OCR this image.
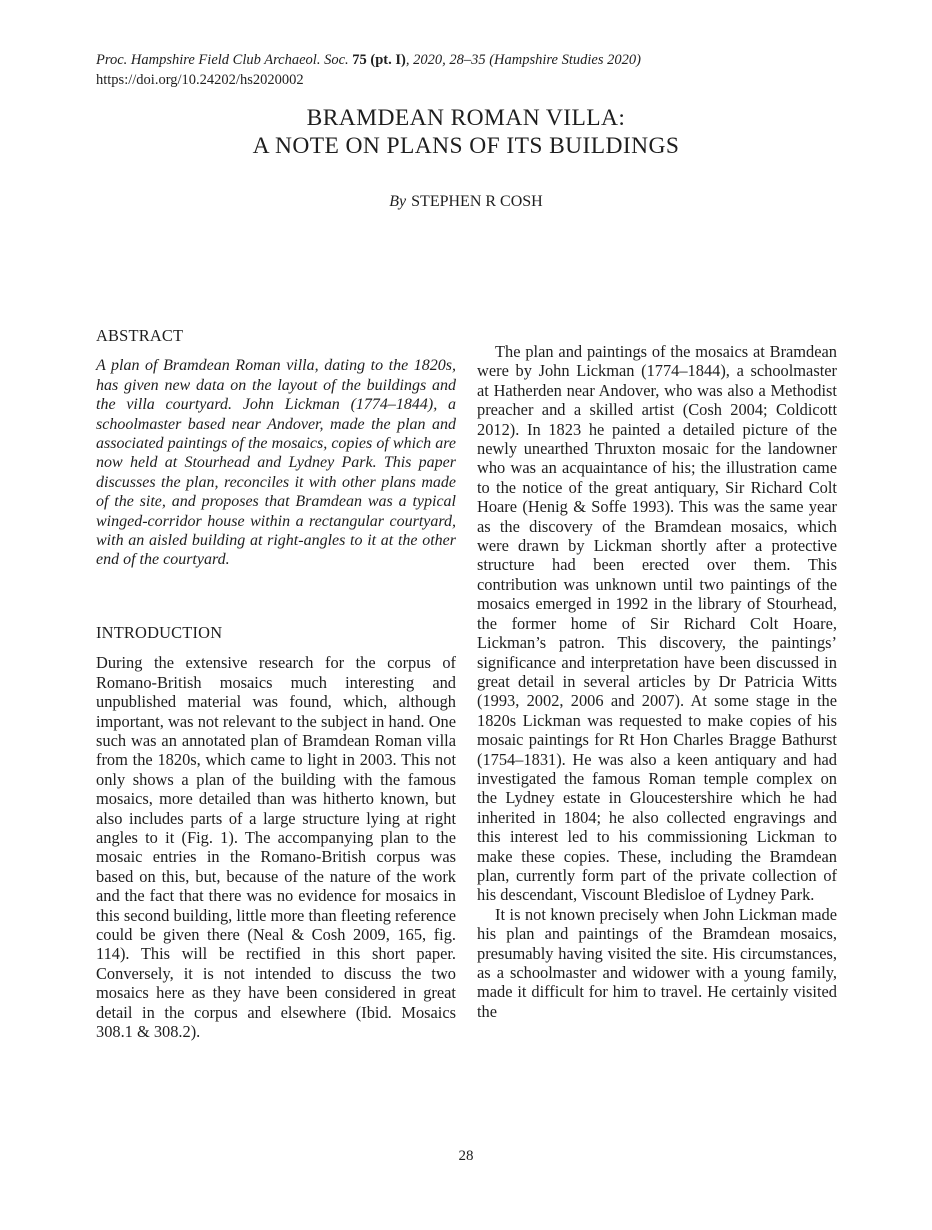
Proc. Hampshire Field Club Archaeol. Soc. 75 (pt. I), 2020, 28–35 (Hampshire Studies 2020)
https://doi.org/10.24202/hs2020002
BRAMDEAN ROMAN VILLA:
A NOTE ON PLANS OF ITS BUILDINGS
By STEPHEN R COSH
ABSTRACT

A plan of Bramdean Roman villa, dating to the 1820s, has given new data on the layout of the buildings and the villa courtyard. John Lickman (1774–1844), a schoolmaster based near Andover, made the plan and associated paintings of the mosaics, copies of which are now held at Stourhead and Lydney Park. This paper discusses the plan, reconciles it with other plans made of the site, and proposes that Bramdean was a typical winged-corridor house within a rectangular courtyard, with an aisled building at right-angles to it at the other end of the courtyard.

INTRODUCTION

During the extensive research for the corpus of Romano-British mosaics much interesting and unpublished material was found, which, although important, was not relevant to the subject in hand. One such was an annotated plan of Bramdean Roman villa from the 1820s, which came to light in 2003. This not only shows a plan of the building with the famous mosaics, more detailed than was hitherto known, but also includes parts of a large structure lying at right angles to it (Fig. 1). The accompanying plan to the mosaic entries in the Romano-British corpus was based on this, but, because of the nature of the work and the fact that there was no evidence for mosaics in this second building, little more than fleeting reference could be given there (Neal & Cosh 2009, 165, fig. 114). This will be rectified in this short paper. Conversely, it is not intended to discuss the two mosaics here as they have been considered in great detail in the corpus and elsewhere (Ibid. Mosaics 308.1 & 308.2).

The plan and paintings of the mosaics at Bramdean were by John Lickman (1774–1844), a schoolmaster at Hatherden near Andover, who was also a Methodist preacher and a skilled artist (Cosh 2004; Coldicott 2012). In 1823 he painted a detailed picture of the newly unearthed Thruxton mosaic for the landowner who was an acquaintance of his; the illustration came to the notice of the great antiquary, Sir Richard Colt Hoare (Henig & Soffe 1993). This was the same year as the discovery of the Bramdean mosaics, which were drawn by Lickman shortly after a protective structure had been erected over them. This contribution was unknown until two paintings of the mosaics emerged in 1992 in the library of Stourhead, the former home of Sir Richard Colt Hoare, Lickman’s patron. This discovery, the paintings’ significance and interpretation have been discussed in great detail in several articles by Dr Patricia Witts (1993, 2002, 2006 and 2007). At some stage in the 1820s Lickman was requested to make copies of his mosaic paintings for Rt Hon Charles Bragge Bathurst (1754–1831). He was also a keen antiquary and had investigated the famous Roman temple complex on the Lydney estate in Gloucestershire which he had inherited in 1804; he also collected engravings and this interest led to his commissioning Lickman to make these copies. These, including the Bramdean plan, currently form part of the private collection of his descendant, Viscount Bledisloe of Lydney Park.

It is not known precisely when John Lickman made his plan and paintings of the Bramdean mosaics, presumably having visited the site. His circumstances, as a schoolmaster and widower with a young family, made it difficult for him to travel. He certainly visited the

28
